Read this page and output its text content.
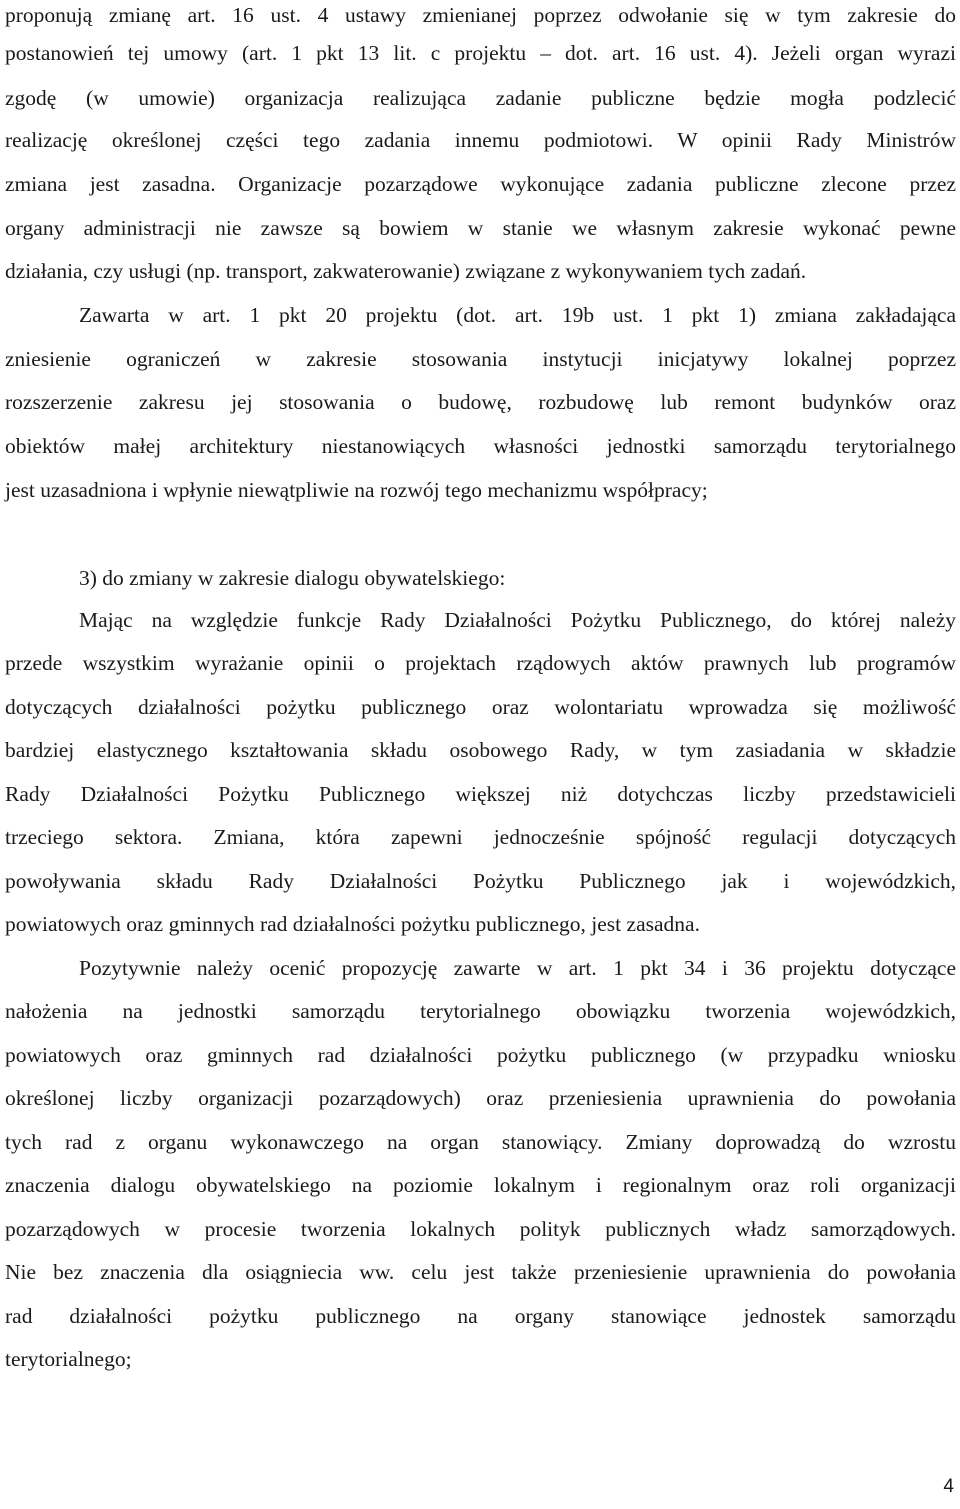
proponują zmianę art. 16 ust. 4 ustawy zmienianej poprzez odwołanie się w tym zakresie do
postanowień tej umowy (art. 1 pkt 13 lit. c projektu – dot. art. 16 ust. 4). Jeżeli organ wyrazi
zgodę (w umowie) organizacja realizująca zadanie publiczne będzie mogła podzlecić
realizację określonej części tego zadania innemu podmiotowi. W opinii Rady Ministrów
zmiana jest zasadna. Organizacje pozarządowe wykonujące zadania publiczne zlecone przez
organy administracji nie zawsze są bowiem w stanie we własnym zakresie wykonać pewne
działania, czy usługi (np. transport, zakwaterowanie) związane z wykonywaniem tych zadań.
Zawarta w art. 1 pkt 20 projektu (dot. art. 19b ust. 1 pkt 1) zmiana zakładająca
zniesienie ograniczeń w zakresie stosowania instytucji inicjatywy lokalnej poprzez
rozszerzenie zakresu jej stosowania o budowę, rozbudowę lub remont budynków oraz
obiektów małej architektury niestanowiących własności jednostki samorządu terytorialnego
jest uzasadniona i wpłynie niewątpliwie na rozwój tego mechanizmu współpracy;
3) do zmiany w zakresie dialogu obywatelskiego:
Mając na względzie funkcje Rady Działalności Pożytku Publicznego, do której należy
przede wszystkim wyrażanie opinii o projektach rządowych aktów prawnych lub programów
dotyczących działalności pożytku publicznego oraz wolontariatu wprowadza się możliwość
bardziej elastycznego kształtowania składu osobowego Rady, w tym zasiadania w składzie
Rady Działalności Pożytku Publicznego większej niż dotychczas liczby przedstawicieli
trzeciego sektora. Zmiana, która zapewni jednocześnie spójność regulacji dotyczących
powoływania składu Rady Działalności Pożytku Publicznego jak i wojewódzkich,
powiatowych oraz gminnych rad działalności pożytku publicznego, jest zasadna.
Pozytywnie należy ocenić propozycję zawarte w art. 1 pkt 34 i 36 projektu dotyczące
nałożenia na jednostki samorządu terytorialnego obowiązku tworzenia wojewódzkich,
powiatowych oraz gminnych rad działalności pożytku publicznego (w przypadku wniosku
określonej liczby organizacji pozarządowych) oraz przeniesienia uprawnienia do powołania
tych rad z organu wykonawczego na organ stanowiący. Zmiany doprowadzą do wzrostu
znaczenia dialogu obywatelskiego na poziomie lokalnym i regionalnym oraz roli organizacji
pozarządowych w procesie tworzenia lokalnych polityk publicznych władz samorządowych.
Nie bez znaczenia dla osiągniecia ww. celu jest także przeniesienie uprawnienia do powołania
rad działalności pożytku publicznego na organy stanowiące jednostek samorządu
terytorialnego;
4
